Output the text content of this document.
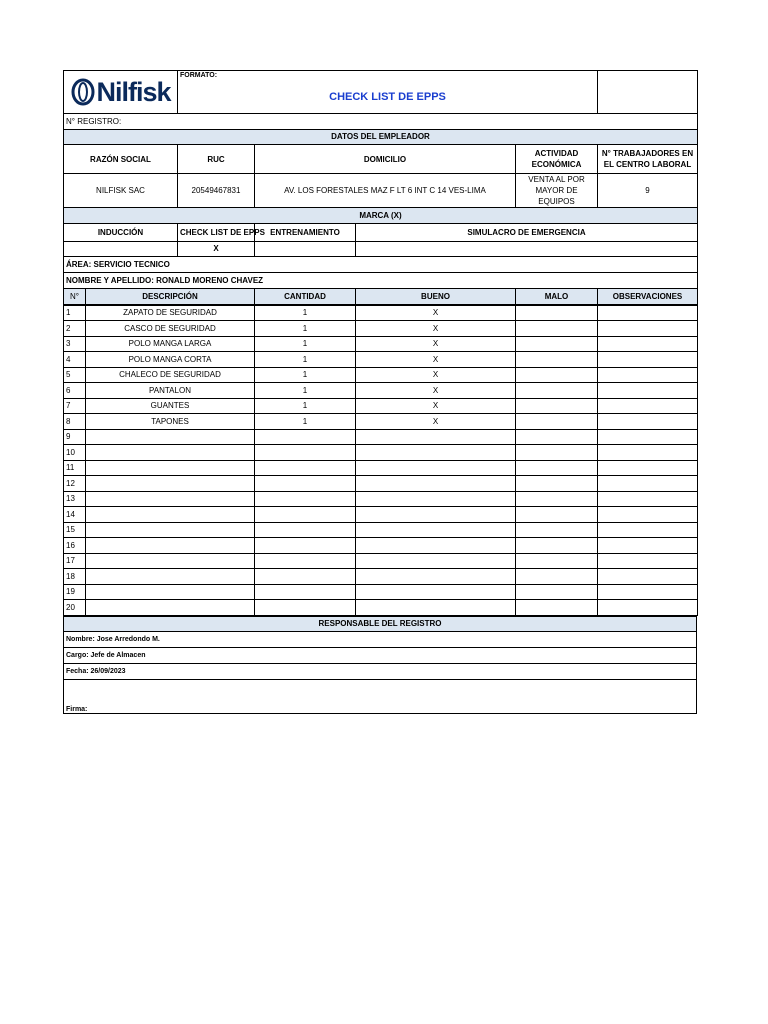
Nilfisk		FORMATO:
CHECK LIST DE EPPS				

N° REGISTRO:						
DATOS DEL EMPLEADOR						
RAZÓN SOCIAL		RUC	DOMICILIO		ACTIVIDAD ECONÓMICA	N° TRABAJADORES EN EL CENTRO LABORAL
NILFISK SAC		20549467831	AV. LOS FORESTALES MAZ F LT 6 INT C 14 VES-LIMA		VENTA AL POR MAYOR DE EQUIPOS	9
MARCA (X)						
INDUCCIÓN		CHECK LIST DE EPPS	ENTRENAMIENTO	SIMULACRO DE EMERGENCIA		
		X				
ÁREA: SERVICIO TECNICO						
NOMBRE Y APELLIDO: RONALD MORENO CHAVEZ						
N°	DESCRIPCIÓN		CANTIDAD	BUENO	MALO	OBSERVACIONES
1	ZAPATO DE SEGURIDAD	1	X		
2	CASCO DE SEGURIDAD	1	X		
3	POLO MANGA LARGA	1	X		
4	POLO MANGA CORTA	1	X		
5	CHALECO DE SEGURIDAD	1	X		
6	PANTALON	1	X		
7	GUANTES	1	X		
8	TAPONES	1	X		
9					
10					
11					
12					
13					
14					
15					
16					
17					
18					
19					
20					
RESPONSABLE DEL REGISTRO
Nombre: Jose Arredondo M.
Cargo: Jefe de Almacen
Fecha: 26/09/2023
Firma:
